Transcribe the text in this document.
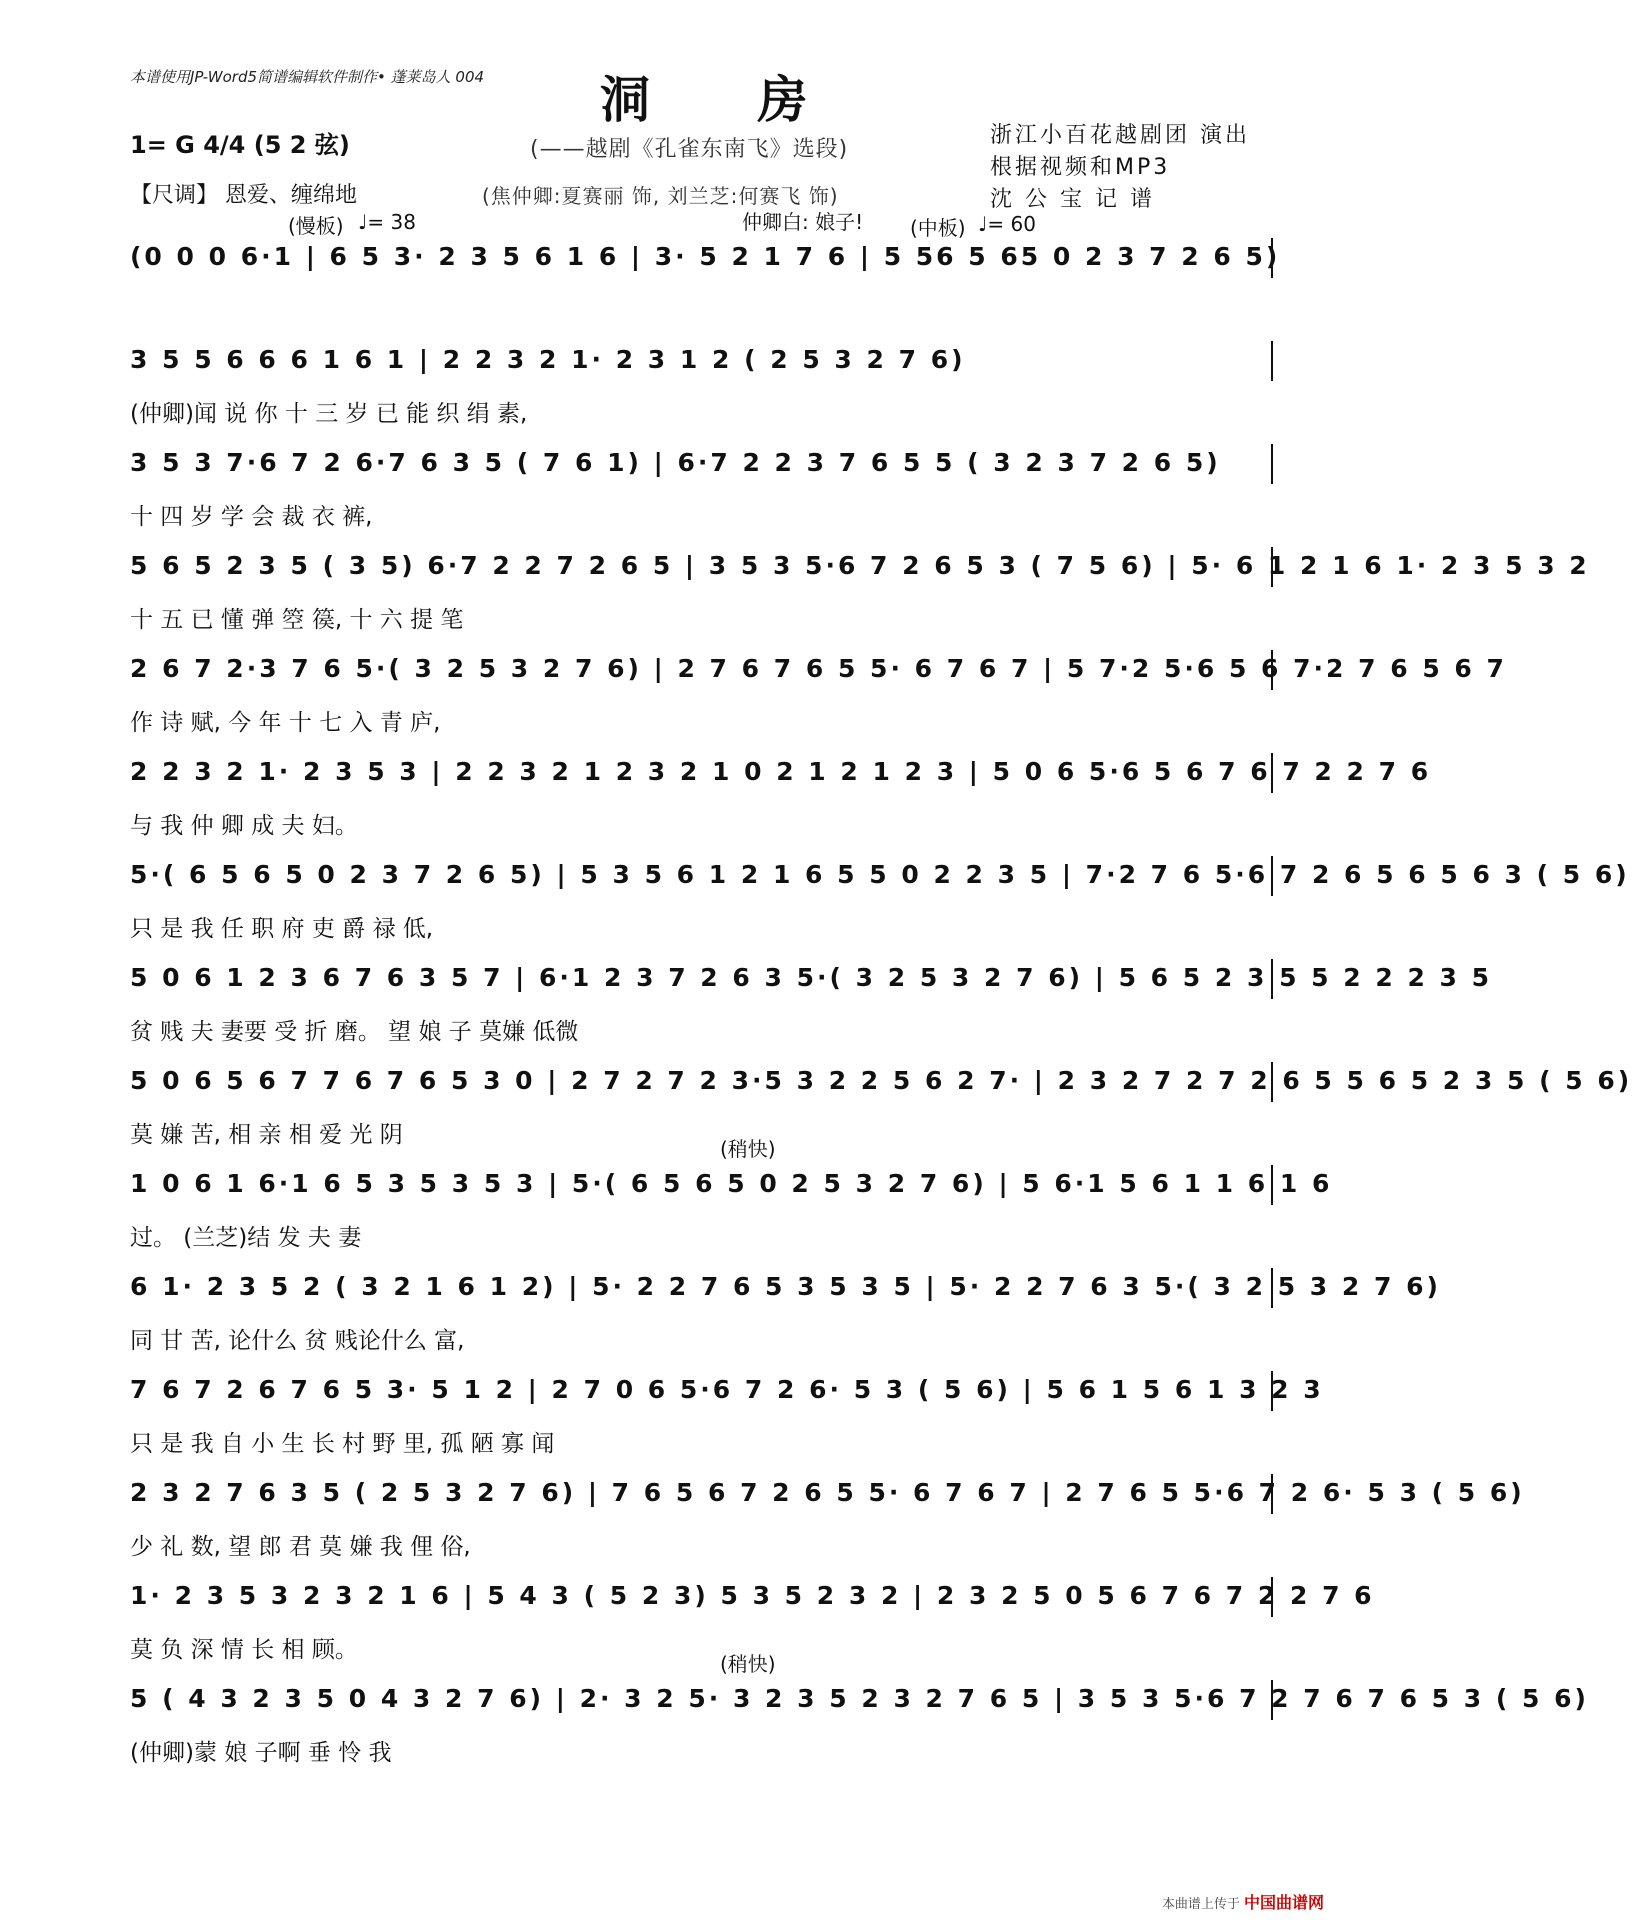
本谱使用JP-Word5简谱编辑软件制作• 蓬莱岛人 004 洞 房
(——越剧《孔雀东南飞》选段)
(焦仲卿:夏赛丽 饰, 刘兰芝:何赛飞 饰)
浙江小百花越剧团 演出
根据视频和MP3
沈 公 宝 记 谱
1= G 4/4 (5 2 弦)
【尺调】 恩爱、缠绵地
(慢板) ♩= 38	(中板) ♩= 60
仲卿白: 娘子!
(0 0 0 6·1 | 6 5 3· 2 3 5 6 1 6 | 3· 5 2 1 7 6 | 5 56 5 65 0 2 3 7 2 6 5)
3 5 5 6 6 6 1 6 1 | 2 2 3 2 1· 2 3 1 2 ( 2 5 3 2 7 6)
(仲卿)闻 说 你 十 三 岁 已 能 织 绢 素,
3 5 3 7·6 7 2 6·7 6 3 5 ( 7 6 1) | 6·7 2 2 3 7 6 5 5 ( 3 2 3 7 2 6 5)
十 四 岁 学 会 裁 衣 裤,
5 6 5 2 3 5 ( 3 5) 6·7 2 2 7 2 6 5 | 3 5 3 5·6 7 2 6 5 3 ( 7 5 6) | 5· 6 1 2 1 6 1· 2 3 5 3 2
十 五 已 懂 弹 箜 篌, 十 六 提 笔
2 6 7 2·3 7 6 5·( 3 2 5 3 2 7 6) | 2 7 6 7 6 5 5· 6 7 6 7 | 5 7·2 5·6 5 6 7·2 7 6 5 6 7
作 诗 赋, 今 年 十 七 入 青 庐,
2 2 3 2 1· 2 3 5 3 | 2 2 3 2 1 2 3 2 1 0 2 1 2 1 2 3 | 5 0 6 5·6 5 6 7 6 7 2 2 7 6
与 我 仲 卿 成 夫 妇。
5·( 6 5 6 5 0 2 3 7 2 6 5) | 5 3 5 6 1 2 1 6 5 5 0 2 2 3 5 | 7·2 7 6 5·6 7 2 6 5 6 5 6 3 ( 5 6)
只 是 我 任 职 府 吏 爵 禄 低,
5 0 6 1 2 3 6 7 6 3 5 7 | 6·1 2 3 7 2 6 3 5·( 3 2 5 3 2 7 6) | 5 6 5 2 3 5 5 2 2 2 3 5
贫 贱 夫 妻要 受 折 磨。 望 娘 子 莫嫌 低微
5 0 6 5 6 7 7 6 7 6 5 3 0 | 2 7 2 7 2 3·5 3 2 2 5 6 2 7· | 2 3 2 7 2 7 2 6 5 5 6 5 2 3 5 ( 5 6)
莫 嫌 苦, 相 亲 相 爱 光 阴
(稍快)
1 0 6 1 6·1 6 5 3 5 3 5 3 | 5·( 6 5 6 5 0 2 5 3 2 7 6) | 5 6·1 5 6 1 1 6 1 6
过。 (兰芝)结 发 夫 妻
6 1· 2 3 5 2 ( 3 2 1 6 1 2) | 5· 2 2 7 6 5 3 5 3 5 | 5· 2 2 7 6 3 5·( 3 2 5 3 2 7 6)
同 甘 苦, 论什么 贫 贱论什么 富,
7 6 7 2 6 7 6 5 3· 5 1 2 | 2 7 0 6 5·6 7 2 6· 5 3 ( 5 6) | 5 6 1 5 6 1 3 2 3
只 是 我 自 小 生 长 村 野 里, 孤 陋 寡 闻
2 3 2 7 6 3 5 ( 2 5 3 2 7 6) | 7 6 5 6 7 2 6 5 5· 6 7 6 7 | 2 7 6 5 5·6 7 2 6· 5 3 ( 5 6)
少 礼 数, 望 郎 君 莫 嫌 我 俚 俗,
1· 2 3 5 3 2 3 2 1 6 | 5 4 3 ( 5 2 3) 5 3 5 2 3 2 | 2 3 2 5 0 5 6 7 6 7 2 2 7 6
莫 负 深 情 长 相 顾。
(稍快)
5 ( 4 3 2 3 5 0 4 3 2 7 6) | 2· 3 2 5· 3 2 3 5 2 3 2 7 6 5 | 3 5 3 5·6 7 2 7 6 7 6 5 3 ( 5 6)
(仲卿)蒙 娘 子啊 垂 怜 我
本曲谱上传于 中国曲谱网
